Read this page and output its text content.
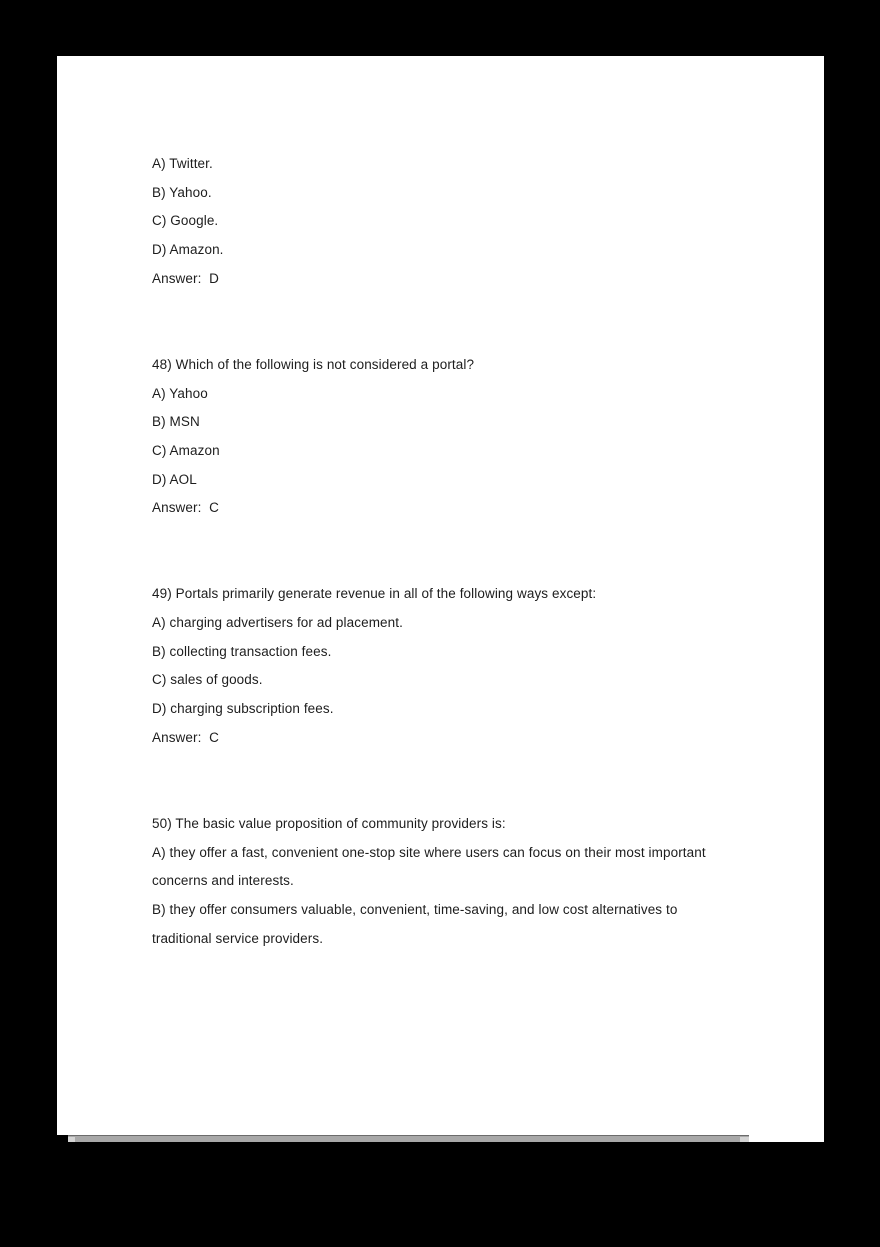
A) Twitter.
B) Yahoo.
C) Google.
D) Amazon.
Answer:  D
48) Which of the following is not considered a portal?
A) Yahoo
B) MSN
C) Amazon
D) AOL
Answer:  C
49) Portals primarily generate revenue in all of the following ways except:
A) charging advertisers for ad placement.
B) collecting transaction fees.
C) sales of goods.
D) charging subscription fees.
Answer:  C
50) The basic value proposition of community providers is:
A) they offer a fast, convenient one-stop site where users can focus on their most important
concerns and interests.
B) they offer consumers valuable, convenient, time-saving, and low cost alternatives to
traditional service providers.
